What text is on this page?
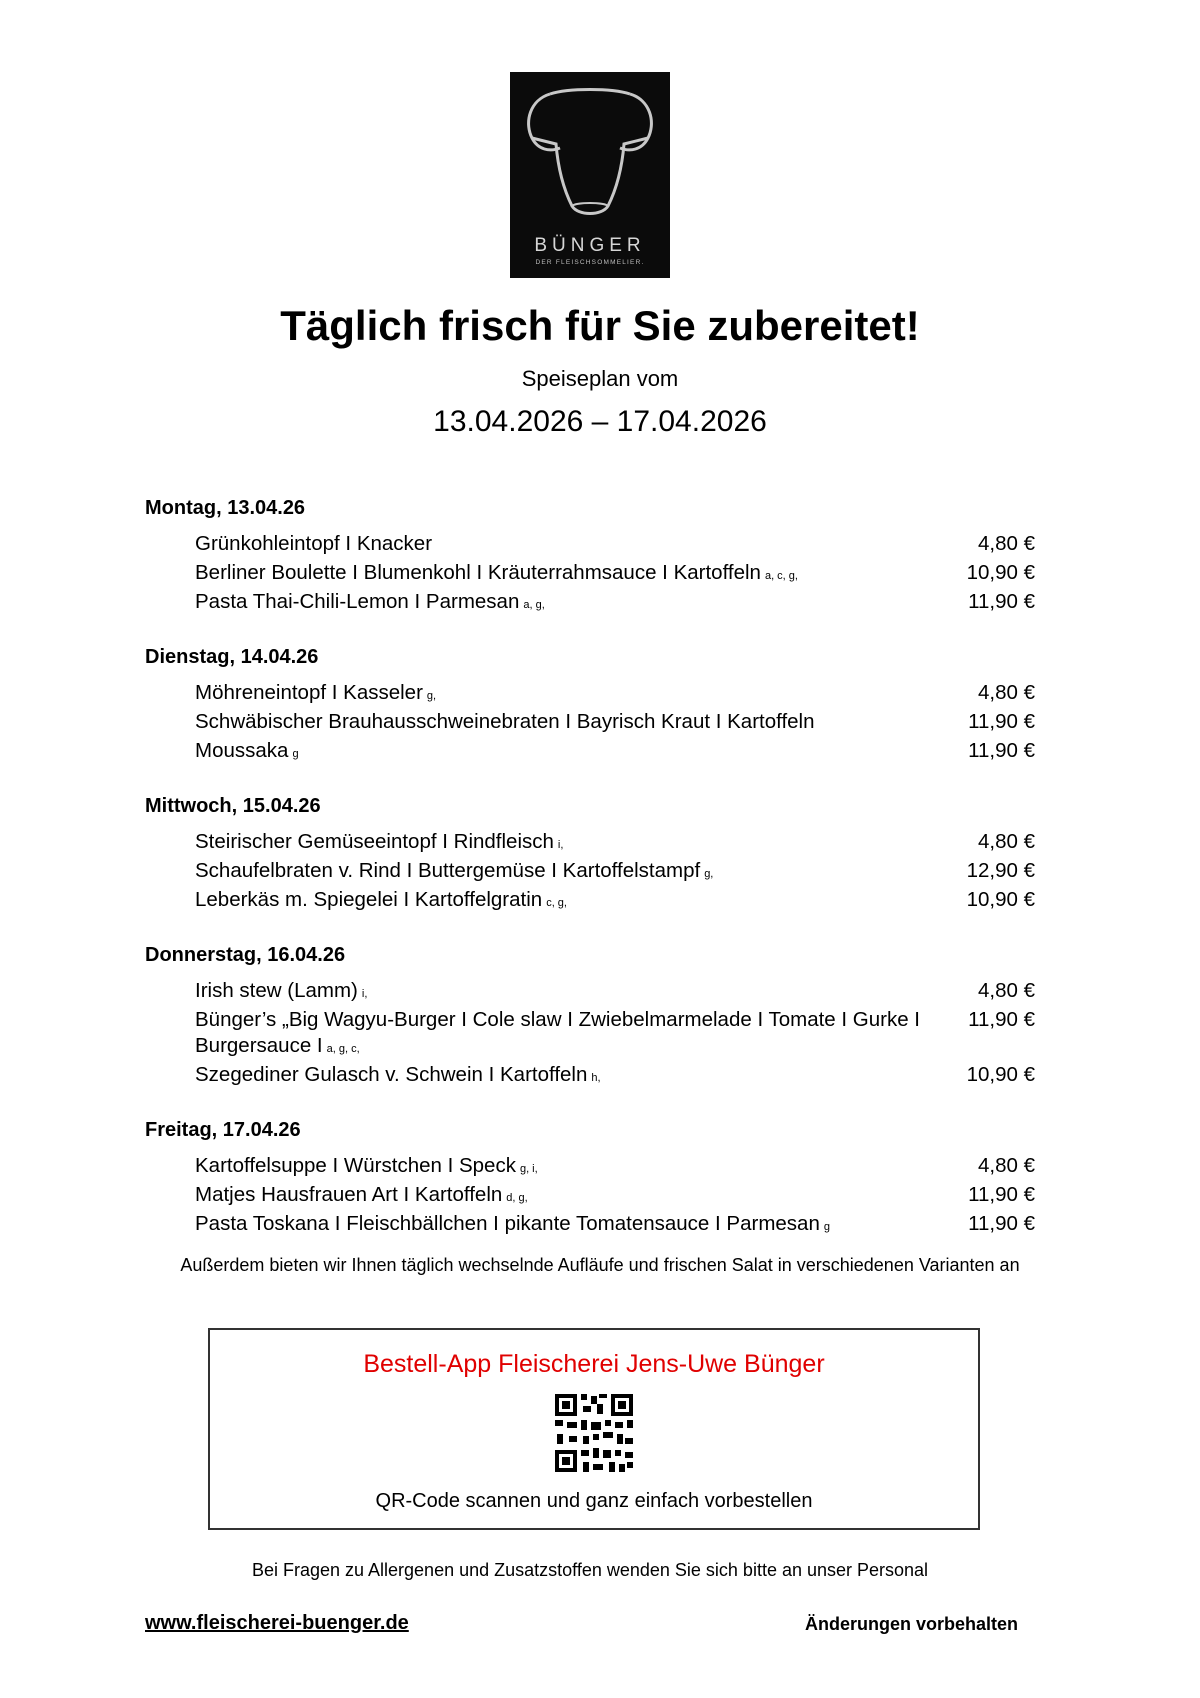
BÜNGER
DER FLEISCHSOMMELIER.
Täglich frisch für Sie zubereitet!
Speiseplan vom
13.04.2026 – 17.04.2026
Montag, 13.04.26
Grünkohleintopf I Knacker	4,80 €
Berliner Boulette I Blumenkohl I Kräuterrahmsauce I Kartoffeln a, c, g,	10,90 €
Pasta Thai-Chili-Lemon I Parmesan a, g,	11,90 €
Dienstag, 14.04.26
Möhreneintopf I Kasseler g,	4,80 €
Schwäbischer Brauhausschweinebraten I Bayrisch Kraut I Kartoffeln	11,90 €
Moussaka g	11,90 €
Mittwoch, 15.04.26
Steirischer Gemüseeintopf I Rindfleisch i,	4,80 €
Schaufelbraten v. Rind I Buttergemüse I Kartoffelstampf g,	12,90 €
Leberkäs m. Spiegelei I Kartoffelgratin c, g,	10,90 €
Donnerstag, 16.04.26
Irish stew (Lamm) i,	4,80 €
Bünger’s „Big Wagyu-Burger I Cole slaw I Zwiebelmarmelade I Tomate I Gurke I Burgersauce I a, g, c,
11,90 €
Szegediner Gulasch v. Schwein I Kartoffeln h,	10,90 €
Freitag, 17.04.26
Kartoffelsuppe I Würstchen I Speck g, i,	4,80 €
Matjes Hausfrauen Art I Kartoffeln d, g,	11,90 €
Pasta Toskana I Fleischbällchen I pikante Tomatensauce I Parmesan g	11,90 €
Außerdem bieten wir Ihnen täglich wechselnde Aufläufe und frischen Salat in verschiedenen Varianten an
Bestell-App Fleischerei Jens-Uwe Bünger
QR-Code scannen und ganz einfach vorbestellen
Bei Fragen zu Allergenen und Zusatzstoffen wenden Sie sich bitte an unser Personal
www.fleischerei-buenger.de	Änderungen vorbehalten
